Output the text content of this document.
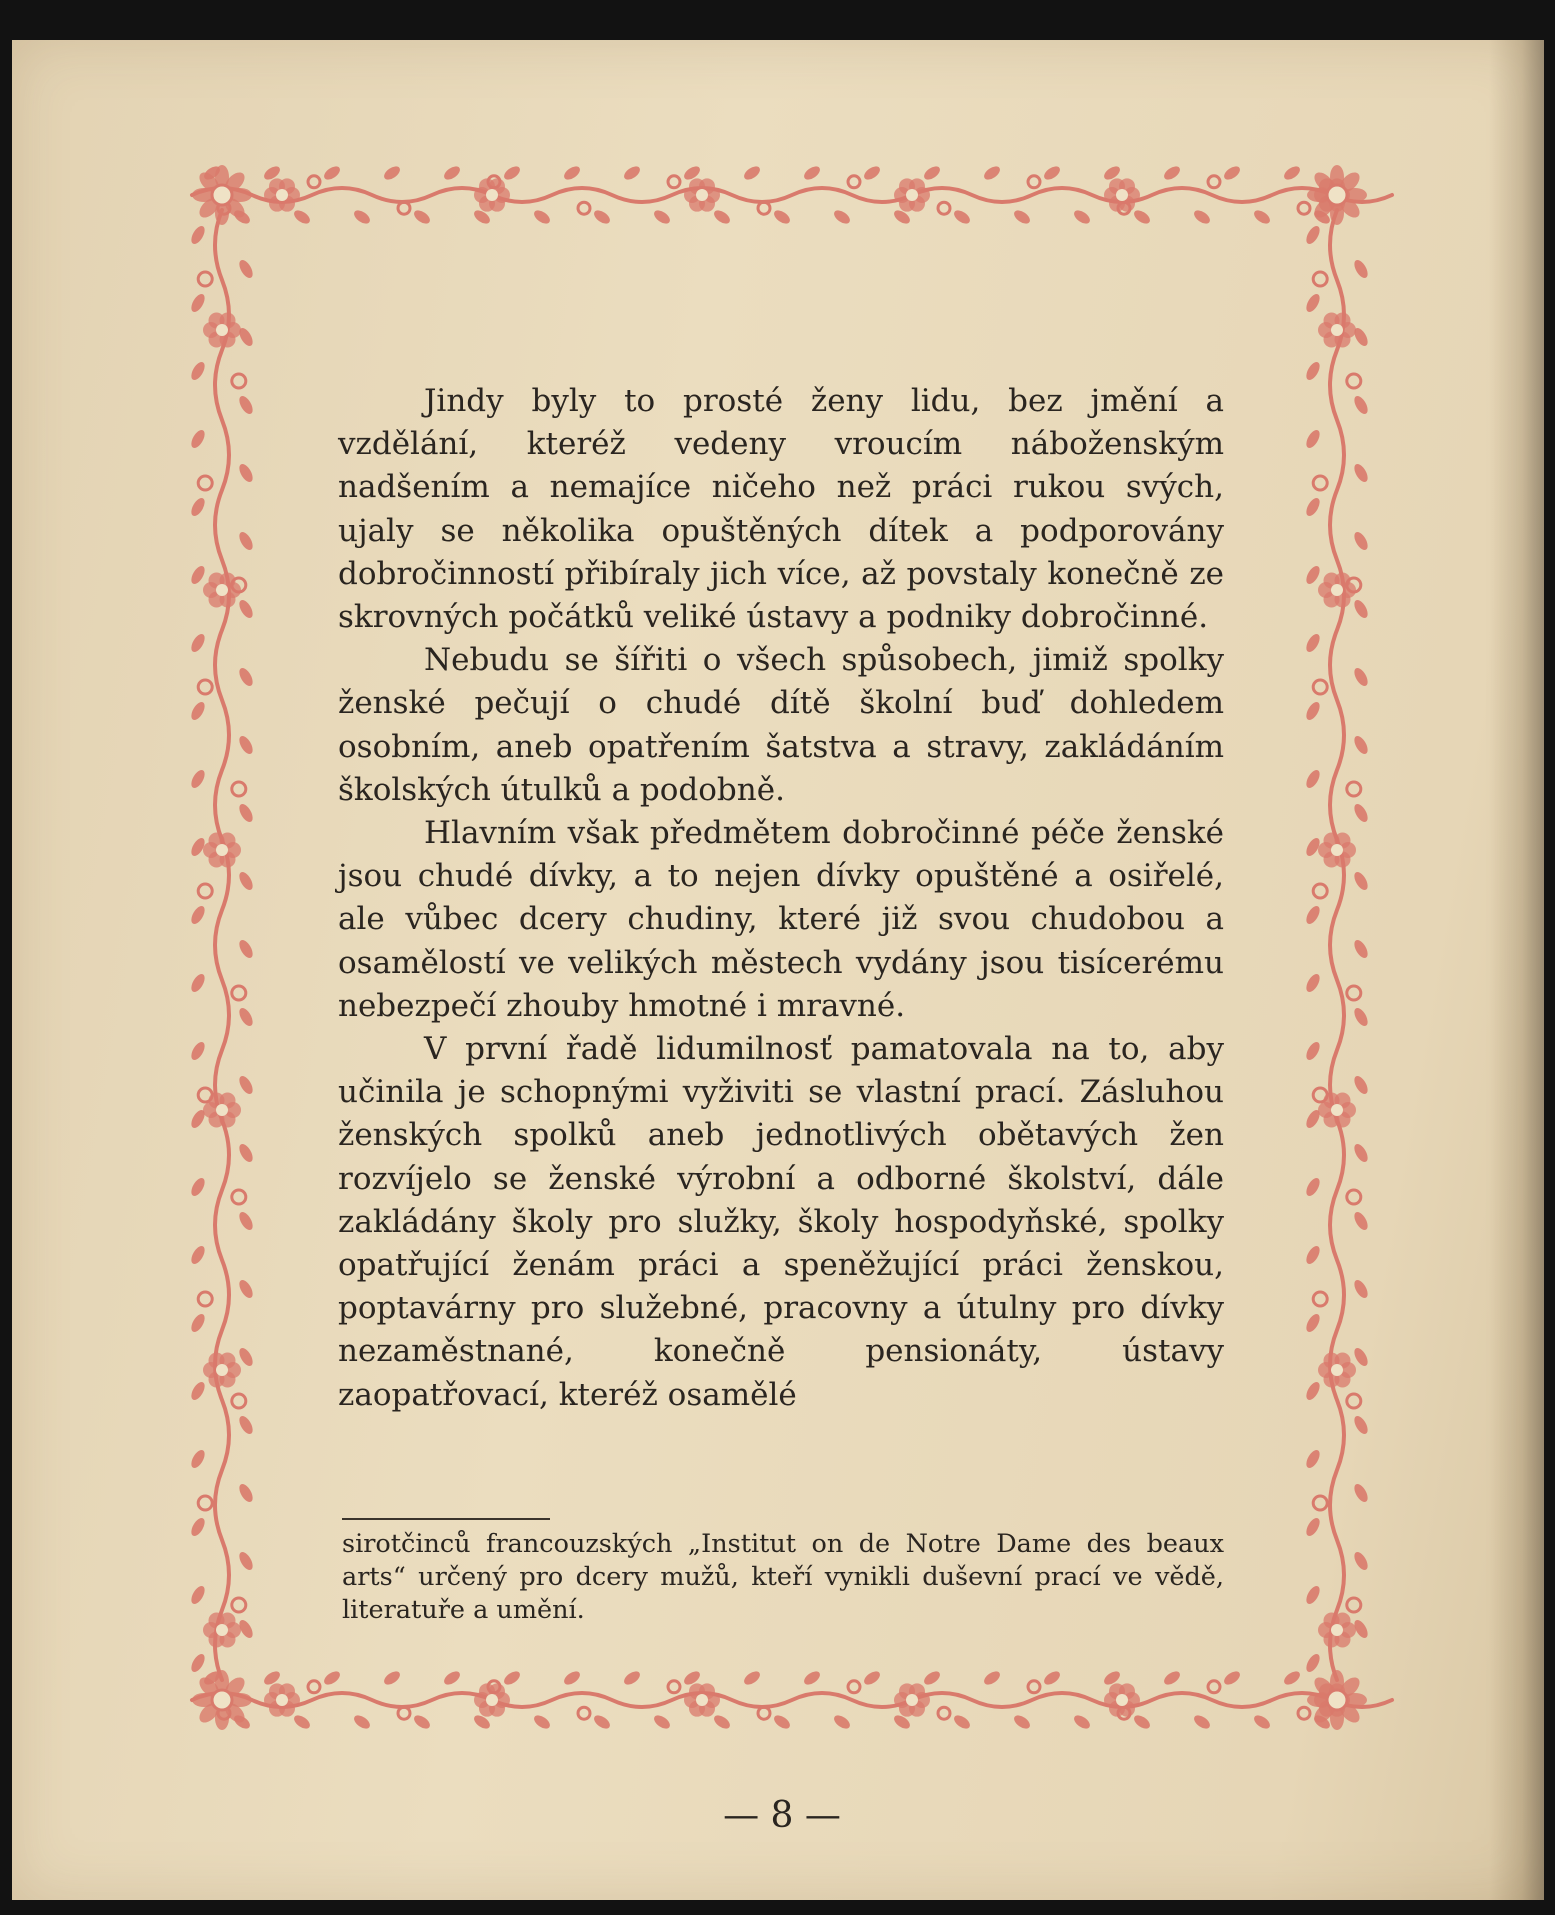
Jindy byly to prosté ženy lidu, bez jmění a vzdělání, kteréž vedeny vroucím náboženským nadšením a nemajíce ničeho než práci rukou svých, ujaly se několika opuštěných dítek a podporovány dobročinností přibíraly jich více, až povstaly konečně ze skrovných počátků veliké ústavy a podniky dobročinné.

Nebudu se šířiti o všech spůsobech, jimiž spolky ženské pečují o chudé dítě školní buď dohledem osobním, aneb opatřením šatstva a stravy, zakládáním školských útulků a podobně.

Hlavním však předmětem dobročinné péče ženské jsou chudé dívky, a to nejen dívky opuštěné a osiřelé, ale vůbec dcery chudiny, které již svou chudobou a osamělostí ve velikých městech vydány jsou tisícerému nebezpečí zhouby hmotné i mravné.

V první řadě lidumilnosť pamatovala na to, aby učinila je schopnými vyživiti se vlastní prací. Zásluhou ženských spolků aneb jednotlivých obětavých žen rozvíjelo se ženské výrobní a odborné školství, dále zakládány školy pro služky, školy hospodyňské, spolky opatřující ženám práci a speněžující práci ženskou, poptavárny pro služebné, pracovny a útulny pro dívky nezaměstnané, konečně pensionáty, ústavy zaopatřovací, kteréž osamělé

sirotčinců francouzských „Institut on de Notre Dame des beaux arts“ určený pro dcery mužů, kteří vynikli duševní prací ve vědě, literatuře a umění.

— 8 —
